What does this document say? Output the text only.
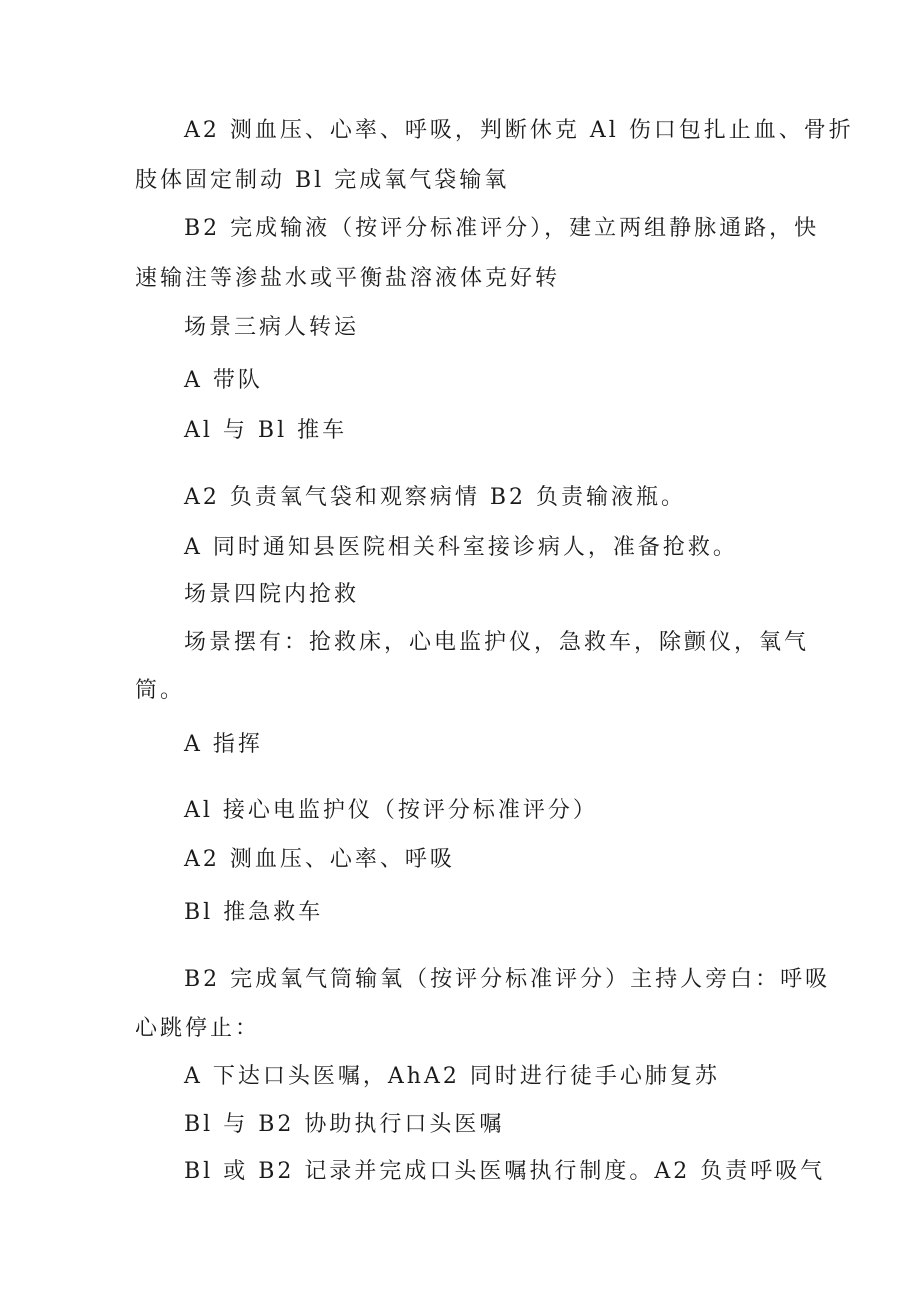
A2 测血压、心率、呼吸，判断休克 Al 伤口包扎止血、骨折
肢体固定制动 Bl 完成氧气袋输氧
B2 完成输液（按评分标准评分），建立两组静脉通路，快
速输注等渗盐水或平衡盐溶液体克好转
场景三病人转运
A 带队
Al 与 Bl 推车
A2 负责氧气袋和观察病情 B2 负责输液瓶。
A 同时通知县医院相关科室接诊病人，准备抢救。
场景四院内抢救
场景摆有：抢救床，心电监护仪，急救车，除颤仪，氧气
筒。
A 指挥
Al 接心电监护仪（按评分标准评分）
A2 测血压、心率、呼吸
Bl 推急救车
B2 完成氧气筒输氧（按评分标准评分）主持人旁白：呼吸
心跳停止：
A 下达口头医嘱，AhA2 同时进行徒手心肺复苏
Bl 与 B2 协助执行口头医嘱
Bl 或 B2 记录并完成口头医嘱执行制度。A2 负责呼吸气
